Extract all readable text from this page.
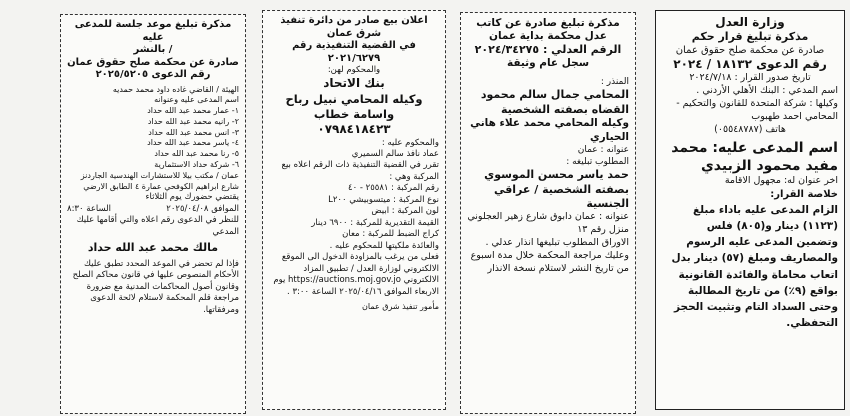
وزارة العدل

مذكرة تبليغ قرار حكم

صادرة عن محكمة صلح حقوق عمان

رقم الدعوى ١٨١٣٢ / ٢٠٢٤

تاريخ صدور القرار : ٢٠٢٤/٧/١٨

اسم المدعي : البنك الأهلي الأردني .

وكيلها : شركة المتحدة للقانون والتحكيم - المحامي احمد طهبوب

هاتف (٠٥٥٤٨٧٨٧)

اسم المدعى عليه: محمد

مفيد محمود الزبيدي

اخر عنوان له: مجهول الاقامة

خلاصة القرار:

الزام المدعى عليه باداء مبلغ (١١٢٣) دينار و(٨٠٥) فلس وتضمين المدعى عليه الرسوم والمصاريف ومبلغ (٥٧) دينار بدل اتعاب محاماة والفائدة القانونية بواقع (٩٪) من تاريخ المطالبة وحتى السداد التام وتثبيت الحجز التحفظي.

مذكرة تبليغ صادرة عن كاتب

عدل محكمة بداية عمان

الرقم العدلي : ٢٠٢٤/٣٤٢٧٥

سجل عام وثيقة

المنذر :

المحامي جمال سالم محمود القضاه بصفته الشخصية

وكيله المحامي محمد علاء هاني الحياري

عنوانه : عمان

المطلوب تبليغه :

حمد ياسر محسن الموسوي بصفته الشخصية / عراقي الجنسية

عنوانه : عمان دابوق شارع زهير العجلوني منزل رقم ١٣

الاوراق المطلوب تبليغها انذار عدلي .

وعليك مراجعة المحكمة خلال مدة اسبوع من تاريخ النشر لاستلام نسخة الانذار

اعلان بيع صادر من دائرة تنفيذ شرق عمان

في القضية التنفيذية رقم ٢٠٢١/٦٢٧٩

والمحكوم لهن:

بنك الاتحاد

وكيله المحامي نبيل رباح واسامة خطاب

٠٧٩٨٤١٨٤٢٣

والمحكوم عليه :

عماد نافذ سالم السميري

تقرر في القضية التنفيذية ذات الرقم اعلاه بيع المركبة وهي :

رقم المركبة : ٢٥٥٨١ - ٤٠

نوع المركبة : ميتسوبيشي L٢٠٠

لون المركبة : ابيض

القيمة التقديرية للمركبة : ٦٩٠٠ دينار

كراج الضبط للمركبة : معان

والعائدة ملكيتها للمحكوم عليه .

فعلى من يرغب بالمزاودة الدخول الى الموقع الالكتروني لوزارة العدل / تطبيق المزاد الالكتروني https://auctions.moj.gov.jo يوم الاربعاء الموافق ٢٠٢٥/٠٤/١٦ الساعة ٣:٠٠ .

مأمور تنفيذ شرق عمان

مذكرة تبليغ موعد جلسة للمدعى عليه

/ بالنشر

صادرة عن محكمة صلح حقوق عمان

رقم الدعوى ٢٠٢٥/٥٢٠٥

الهيئة / القاضي غاده داود محمد حمديه

اسم المدعى عليه وعنوانه

١- عمار محمد عبد الله حداد

٢- رانيه محمد عبد الله حداد

٣- انس محمد عبد الله حداد

٤- ياسر محمد عبد الله حداد

٥- رنا محمد عبد الله حداد

٦- شركة حداد الاستثمارية

عمان / مكتب بيلا للاستشارات الهندسية الجاردنز شارع ابراهيم الكوفحي عمارة ٤ الطابق الارضي

يقتضي حضورك يوم الثلاثاء

الموافق ٢٠٢٥/٠٤/٠٨
الساعة ٨:٣٠

للنظر في الدعوى رقم اعلاه والتي أقامها عليك المدعي

مالك محمد عبد الله حداد

فإذا لم تحضر في الموعد المحدد تطبق عليك الأحكام المنصوص عليها في قانون محاكم الصلح وقانون أصول المحاكمات المدنية مع ضرورة مراجعة قلم المحكمة لاستلام لائحة الدعوى ومرفقاتها.
